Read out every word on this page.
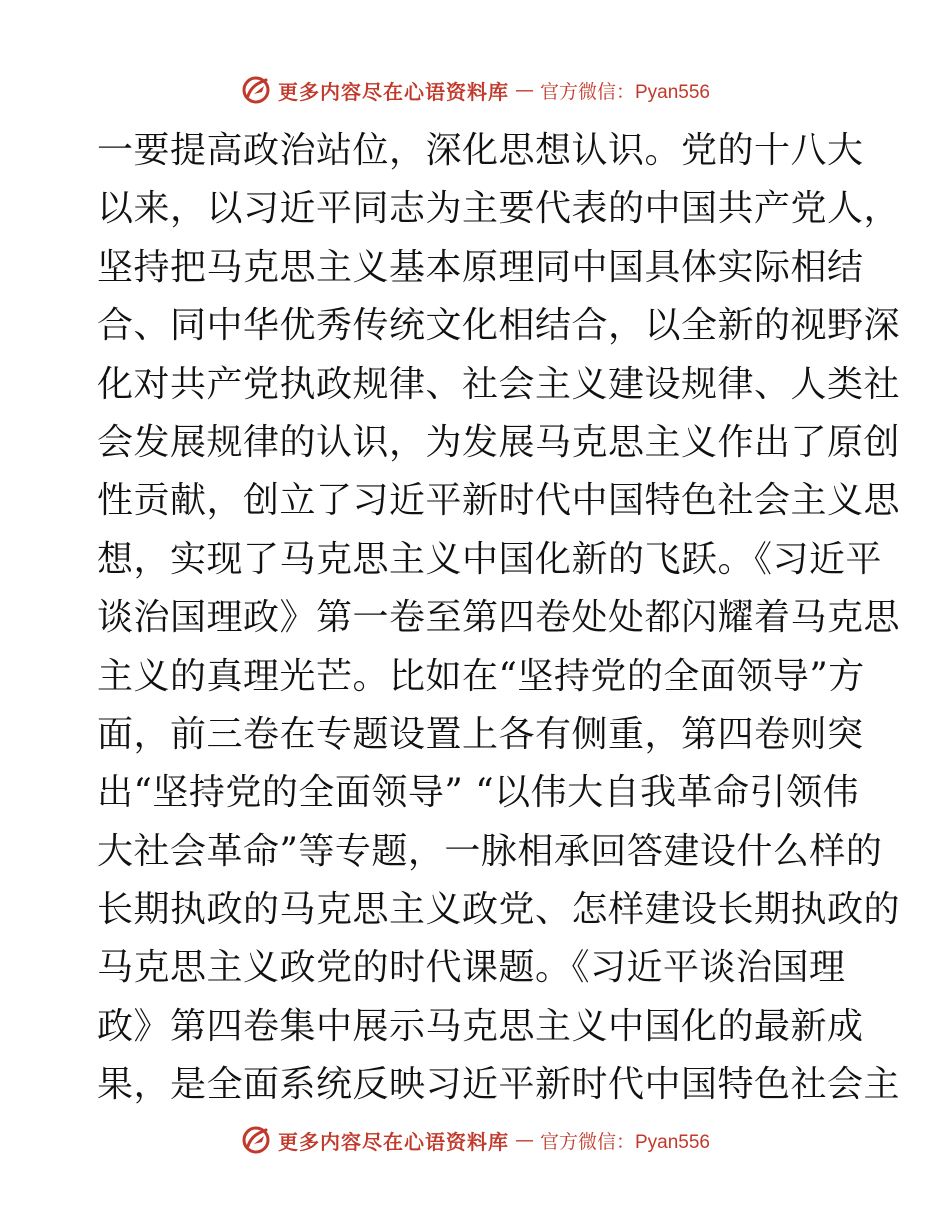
更多内容尽在心语资料库 — 官方微信：Pyan556
一要提高政治站位，深化思想认识。党的十八大
以来，以习近平同志为主要代表的中国共产党人，
坚持把马克思主义基本原理同中国具体实际相结
合、同中华优秀传统文化相结合，以全新的视野深
化对共产党执政规律、社会主义建设规律、人类社
会发展规律的认识，为发展马克思主义作出了原创
性贡献，创立了习近平新时代中国特色社会主义思
想，实现了马克思主义中国化新的飞跃。《习近平
谈治国理政》第一卷至第四卷处处都闪耀着马克思
主义的真理光芒。比如在“坚持党的全面领导”方
面，前三卷在专题设置上各有侧重，第四卷则突
出“坚持党的全面领导” “以伟大自我革命引领伟
大社会革命”等专题，一脉相承回答建设什么样的
长期执政的马克思主义政党、怎样建设长期执政的
马克思主义政党的时代课题。《习近平谈治国理
政》第四卷集中展示马克思主义中国化的最新成
果，是全面系统反映习近平新时代中国特色社会主
更多内容尽在心语资料库 — 官方微信：Pyan556
